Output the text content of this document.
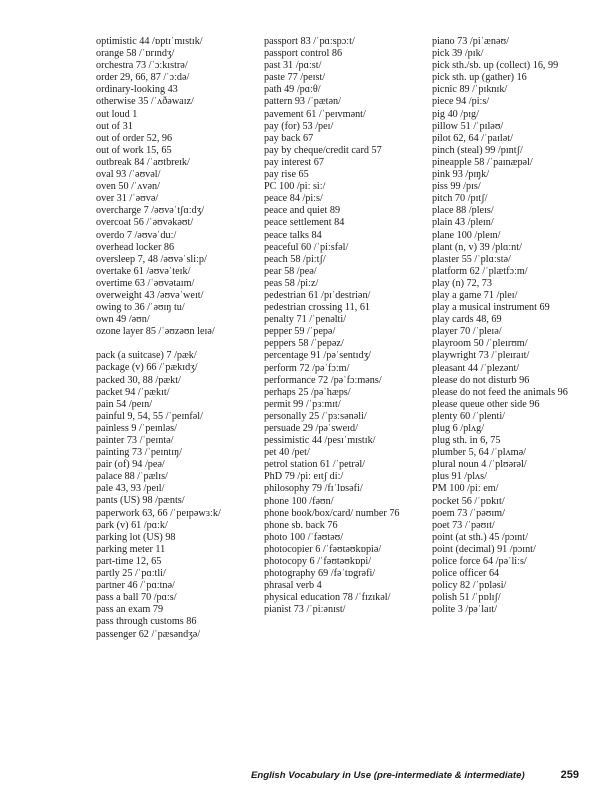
optimistic 44 /ɒptɪˈmɪstɪk/
orange 58 /ˈɒrɪndʒ/
orchestra 73 /ˈɔːkɪstrə/
order 29, 66, 87 /ˈɔːdə/
ordinary-looking 43
otherwise 35 /ˈʌðəwaɪz/
out loud 1
out of 31
out of order 52, 96
out of work 15, 65
outbreak 84 /ˈaʊtbreɪk/
oval 93 /ˈəʊvəl/
oven 50 /ˈʌvən/
over 31 /ˈəʊvə/
overcharge 7 /əʊvəˈtʃɑːdʒ/
overcoat 56 /ˈəʊvəkəʊt/
overdo 7 /əʊvəˈduː/
overhead locker 86
oversleep 7, 48 /əʊvəˈsliːp/
overtake 61 /əʊvəˈteɪk/
overtime 63 /ˈəʊvətaɪm/
overweight 43 /əʊvəˈweɪt/
owing to 36 /ˈəʊɪŋ tu/
own 49 /əʊn/
ozone layer 85 /ˈəʊzəʊn leɪə/
pack (a suitcase) 7 /pæk/
package (v) 66 /ˈpækɪdʒ/
packed 30, 88 /pækt/
packet 94 /ˈpækɪt/
pain 54 /peɪn/
painful 9, 54, 55 /ˈpeɪnfəl/
painless 9 /ˈpeɪnləs/
painter 73 /ˈpeɪntə/
painting 73 /ˈpeɪntɪŋ/
pair (of) 94 /peə/
palace 88 /ˈpælɪs/
pale 43, 93 /peɪl/
pants (US) 98 /pænts/
paperwork 63, 66 /ˈpeɪpəwɜːk/
park (v) 61 /pɑːk/
parking lot (US) 98
parking meter 11
part-time 12, 65
partly 25 /ˈpɑːtli/
partner 46 /ˈpɑːtnə/
pass a ball 70 /pɑːs/
pass an exam 79
pass through customs 86
passenger 62 /ˈpæsəndʒə/
passport 83 /ˈpɑːspɔːt/
passport control 86
past 31 /pɑːst/
paste 77 /peɪst/
path 49 /pɑːθ/
pattern 93 /ˈpætən/
pavement 61 /ˈpeɪvmənt/
pay (for) 53 /peɪ/
pay back 67
pay by cheque/credit card 57
pay interest 67
pay rise 65
PC 100 /piː siː/
peace 84 /piːs/
peace and quiet 89
peace settlement 84
peace talks 84
peaceful 60 /ˈpiːsfəl/
peach 58 /piːtʃ/
pear 58 /peə/
peas 58 /piːz/
pedestrian 61 /pɪˈdestriən/
pedestrian crossing 11, 61
penalty 71 /ˈpenəlti/
pepper 59 /ˈpepə/
peppers 58 /ˈpepəz/
percentage 91 /pəˈsentɪdʒ/
perform 72 /pəˈfɔːm/
performance 72 /pəˈfɔːməns/
perhaps 25 /pəˈhæps/
permit 99 /ˈpɜːmɪt/
personally 25 /ˈpɜːsənəli/
persuade 29 /pəˈsweɪd/
pessimistic 44 /pesɪˈmɪstɪk/
pet 40 /pet/
petrol station 61 /ˈpetrəl/
PhD 79 /piː eɪtʃ diː/
philosophy 79 /fɪˈlɒsəfi/
phone 100 /fəʊn/
phone book/box/card/ number 76
phone sb. back 76
photo 100 /ˈfəʊtəʊ/
photocopier 6 /ˈfəʊtəʊkɒpiə/
photocopy 6 /ˈfəʊtəʊkɒpi/
photography 69 /fəˈtɒgrəfi/
phrasal verb 4
physical education 78 /ˈfɪzɪkəl/
pianist 73 /ˈpiːənɪst/
piano 73 /piˈænəʊ/
pick 39 /pɪk/
pick sth./sb. up (collect) 16, 99
pick sth. up (gather) 16
picnic 89 /ˈpɪknɪk/
piece 94 /piːs/
pig 40 /pɪg/
pillow 51 /ˈpɪləʊ/
pilot 62, 64 /ˈpaɪlət/
pinch (steal) 99 /pɪntʃ/
pineapple 58 /ˈpaɪnæpəl/
pink 93 /pɪŋk/
piss 99 /pɪs/
pitch 70 /pɪtʃ/
place 88 /pleɪs/
plain 43 /pleɪn/
plane 100 /pleɪn/
plant (n, v) 39 /plɑːnt/
plaster 55 /ˈplɑːstə/
platform 62 /ˈplætfɔːm/
play (n) 72, 73
play a game 71 /pleɪ/
play a musical instrument 69
play cards 48, 69
player 70 /ˈpleɪə/
playroom 50 /ˈpleɪrʊm/
playwright 73 /ˈpleɪraɪt/
pleasant 44 /ˈplezənt/
please do not disturb 96
please do not feed the animals 96
please queue other side 96
plenty 60 /ˈplenti/
plug 6 /plʌg/
plug sth. in 6, 75
plumber 5, 64 /ˈplʌmə/
plural noun 4 /ˈplʊərəl/
plus 91 /plʌs/
PM 100 /piː em/
pocket 56 /ˈpɒkɪt/
poem 73 /ˈpəʊɪm/
poet 73 /ˈpəʊɪt/
point (at sth.) 45 /pɔɪnt/
point (decimal) 91 /pɔɪnt/
police force 64 /pəˈliːs/
police officer 64
policy 82 /ˈpɒləsi/
polish 51 /ˈpɒlɪʃ/
polite 3 /pəˈlaɪt/
English Vocabulary in Use (pre-intermediate & intermediate)	259
